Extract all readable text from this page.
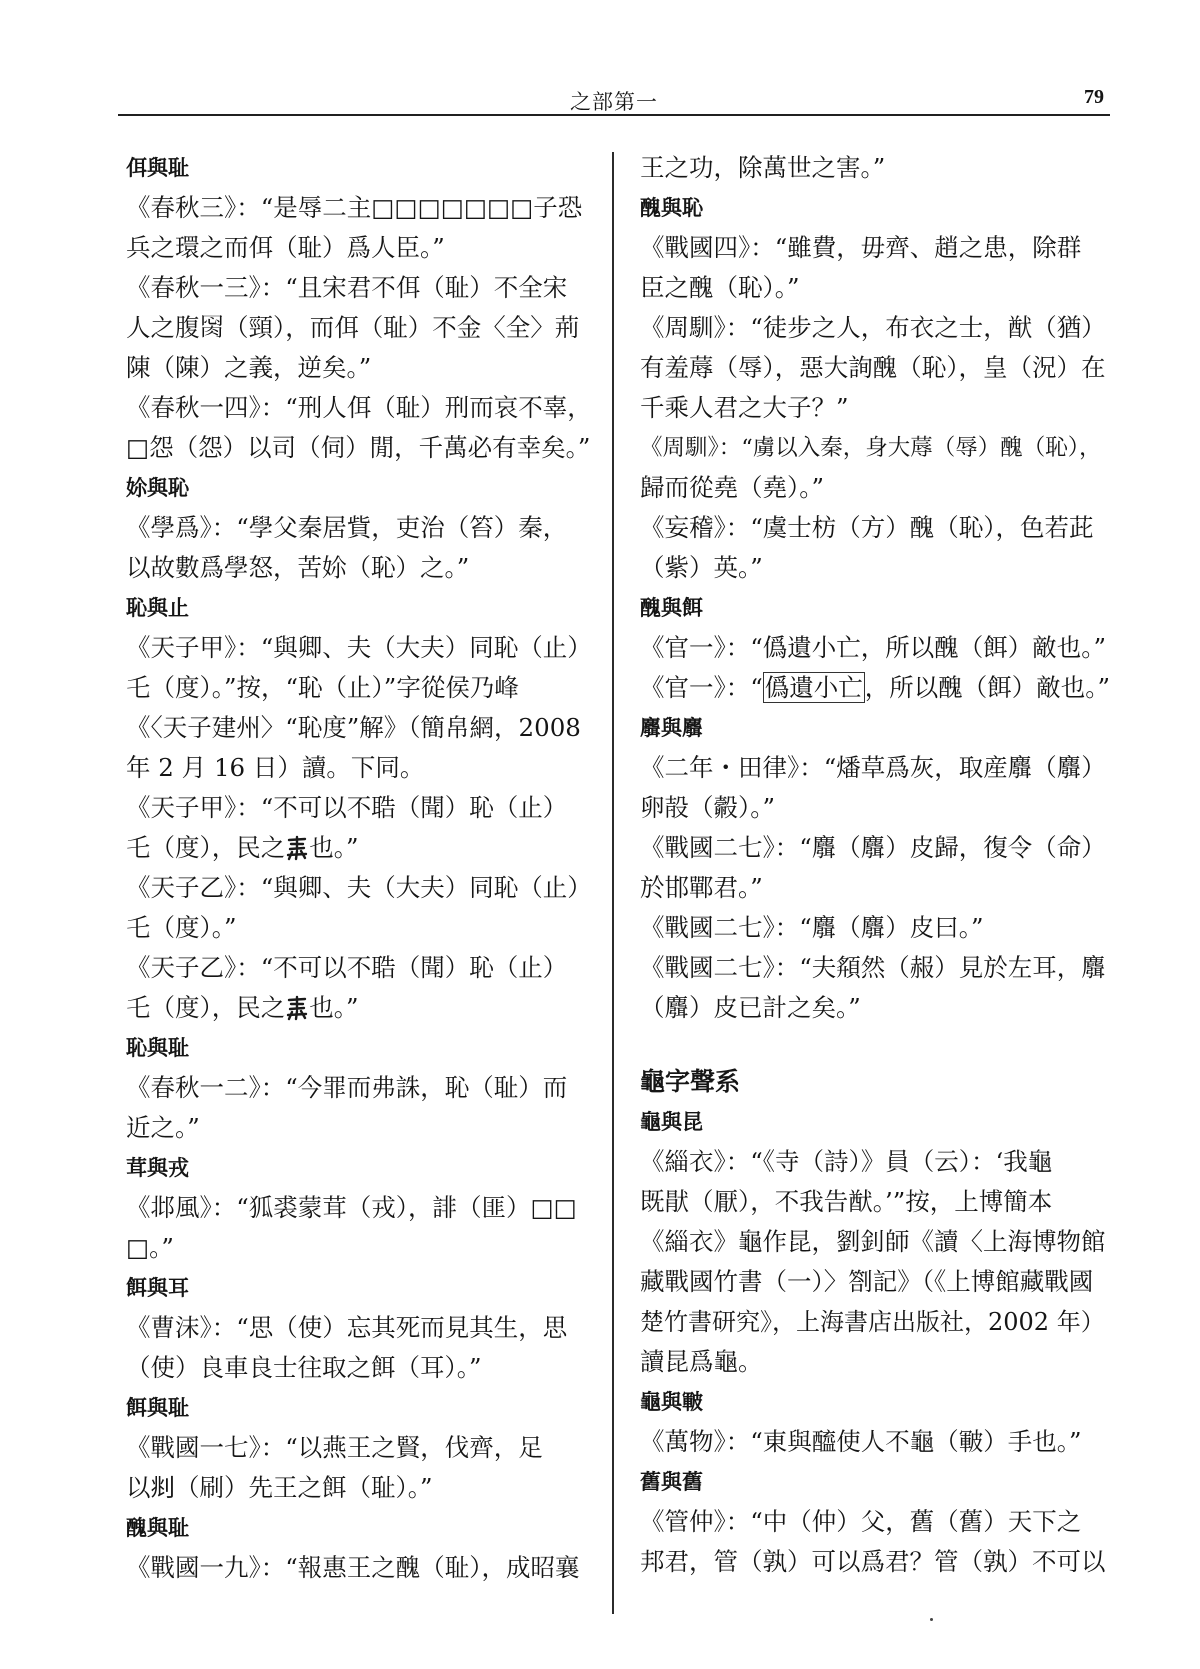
之部第一	79
佴與耻
《春秋三》：“是辱二主□□□□□□□子恐
兵之環之而佴（耻）爲人臣。”
《春秋一三》：“且宋君不佴（耻）不全宋
人之腹𦛂（頸），而佴（耻）不金〈全〉荊
陳（陳）之義，逆矣。”
《春秋一四》：“刑人佴（耻）刑而哀不辜，
□怨（怨）以司（伺）閒，千萬必有幸矣。”
㚷與恥
《學爲》：“學父秦居貲，吏治（笞）秦，
以故數爲學怒，苦㚷（恥）之。”
恥與止
《天子甲》：“與卿、夫（大夫）同恥（止）
乇（度）。”按，“恥（止）”字從侯乃峰
《〈天子建州〉“恥度”解》（簡帛網，2008
年 2 月 16 日）讀。下同。
《天子甲》：“不可以不聕（聞）恥（止）
乇（度），民之 也。”
《天子乙》：“與卿、夫（大夫）同恥（止）
乇（度）。”
《天子乙》：“不可以不聕（聞）恥（止）
乇（度），民之 也。”
恥與耻
《春秋一二》：“今罪而弗誅，恥（耻）而
近之。”
茸與戎
《邶風》：“狐裘蒙茸（戎），誹（匪）□□
□。”
餌與耳
《曹沫》：“思（使）忘其死而見其生，思
（使）良車良士往取之餌（耳）。”
餌與耻
《戰國一七》：“以燕王之賢，伐齊，足
以𠛪（刷）先王之餌（耻）。”
醜與耻
《戰國一九》：“報惠王之醜（耻），成昭襄
王之功，除萬世之害。”
醜與恥
《戰國四》：“雖費，毋齊、趙之患，除群
臣之醜（恥）。”
《周馴》：“徒步之人，布衣之士，猷（猶）
有羞蓐（辱），惡大詢醜（恥），皇（況）在
千乘人君之大子？”
《周馴》：“虜以入秦，身大蓐（辱）醜（恥），
歸而從堯（堯）。”
《妄稽》：“虞士枋（方）醜（恥），色若茈
（紫）英。”
醜與餌
《官一》：“僞遺小亡，所以醜（餌）敵也。”
《官一》：“僞遺小亡，所以醜（餌）敵也。”
麛與麛
《二年・田律》：“燔草爲灰，取産麛（麛）
卵㱿（㲉）。”
《戰國二七》：“麛（麛）皮歸，復令（命）
於邯鄲君。”
《戰國二七》：“麛（麛）皮曰。”
《戰國二七》：“夫頯然（赧）見於左耳，麛
（麛）皮已計之矣。”
龜字聲系
龜與昆
《緇衣》：“《寺（詩）》員（云）：‘我龜
既猒（厭），不我告猷。’”按，上博簡本
《緇衣》龜作昆，劉釗師《讀〈上海博物館
藏戰國竹書（一）〉劄記》（《上博館藏戰國
楚竹書研究》，上海書店出版社，2002 年）
讀昆爲龜。
龜與皸
《萬物》：“東與醯使人不龜（皸）手也。”
舊與舊
《管仲》：“中（仲）父，舊（舊）天下之
邦君，管（孰）可以爲君？管（孰）不可以
